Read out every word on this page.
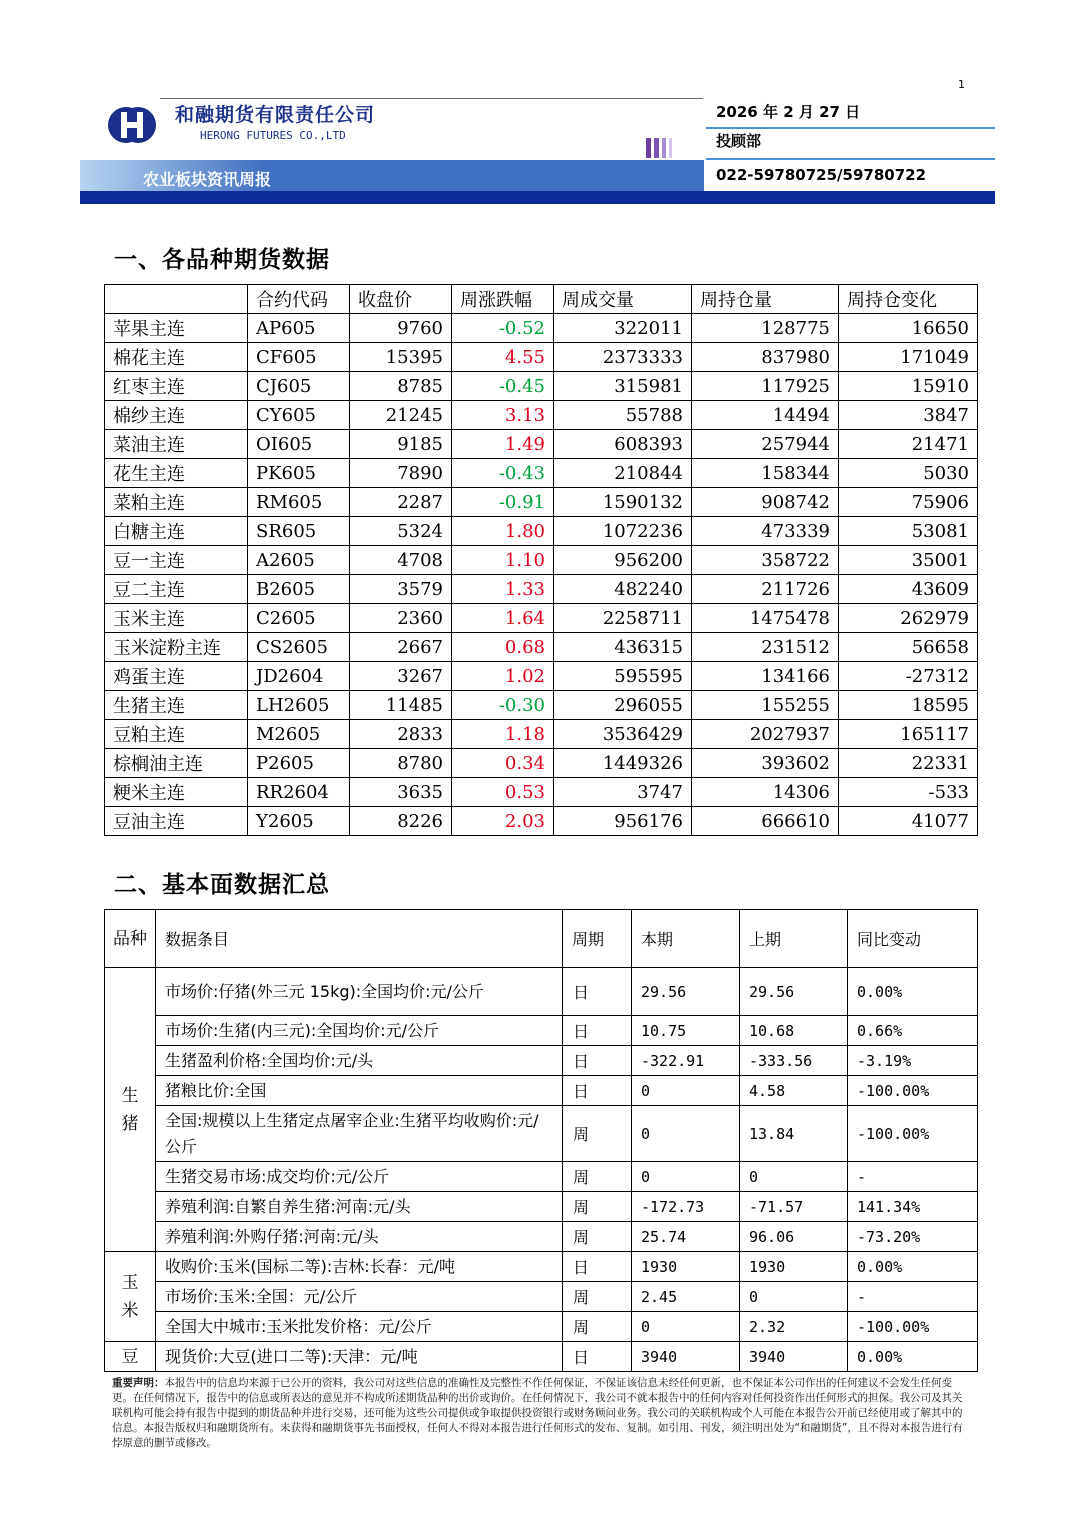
1
和融期货有限责任公司
HERONG FUTURES CO.,LTD
2026 年 2 月 27 日
投顾部
农业板块资讯周报	022-59780725/59780722
一、各品种期货数据
	合约代码	收盘价	周涨跌幅	周成交量	周持仓量	周持仓变化
苹果主连	AP605	9760	-0.52	322011	128775	16650
棉花主连	CF605	15395	4.55	2373333	837980	171049
红枣主连	CJ605	8785	-0.45	315981	117925	15910
棉纱主连	CY605	21245	3.13	55788	14494	3847
菜油主连	OI605	9185	1.49	608393	257944	21471
花生主连	PK605	7890	-0.43	210844	158344	5030
菜粕主连	RM605	2287	-0.91	1590132	908742	75906
白糖主连	SR605	5324	1.80	1072236	473339	53081
豆一主连	A2605	4708	1.10	956200	358722	35001
豆二主连	B2605	3579	1.33	482240	211726	43609
玉米主连	C2605	2360	1.64	2258711	1475478	262979
玉米淀粉主连	CS2605	2667	0.68	436315	231512	56658
鸡蛋主连	JD2604	3267	1.02	595595	134166	-27312
生猪主连	LH2605	11485	-0.30	296055	155255	18595
豆粕主连	M2605	2833	1.18	3536429	2027937	165117
棕榈油主连	P2605	8780	0.34	1449326	393602	22331
粳米主连	RR2604	3635	0.53	3747	14306	-533
豆油主连	Y2605	8226	2.03	956176	666610	41077
二、基本面数据汇总
品种	数据条目	周期	本期	上期	同比变动
生猪	市场价:仔猪(外三元 15kg):全国均价:元/公斤	日	29.56	29.56	0.00%
	市场价:生猪(内三元):全国均价:元/公斤	日	10.75	10.68	0.66%
	生猪盈利价格:全国均价:元/头	日	-322.91	-333.56	-3.19%
	猪粮比价:全国	日	0	4.58	-100.00%
	全国:规模以上生猪定点屠宰企业:生猪平均收购价:元/公斤	周	0	13.84	-100.00%
	生猪交易市场:成交均价:元/公斤	周	0	0	-
	养殖利润:自繁自养生猪:河南:元/头	周	-172.73	-71.57	141.34%
	养殖利润:外购仔猪:河南:元/头	周	25.74	96.06	-73.20%
玉米	收购价:玉米(国标二等):吉林:长春：元/吨	日	1930	1930	0.00%
	市场价:玉米:全国：元/公斤	周	2.45	0	-
	全国大中城市:玉米批发价格：元/公斤	周	0	2.32	-100.00%
豆	现货价:大豆(进口二等):天津：元/吨	日	3940	3940	0.00%
重要声明：本报告中的信息均来源于已公开的资料，我公司对这些信息的准确性及完整性不作任何保证，不保证该信息未经任何更新，也不保证本公司作出的任何建议不会发生任何变更。在任何情况下，报告中的信息或所表达的意见并不构成所述期货品种的出价或询价。在任何情况下，我公司不就本报告中的任何内容对任何投资作出任何形式的担保。我公司及其关联机构可能会持有报告中提到的期货品种并进行交易，还可能为这些公司提供或争取提供投资银行或财务顾问业务。我公司的关联机构或个人可能在本报告公开前已经使用或了解其中的信息。本报告版权归和融期货所有。未获得和融期货事先书面授权，任何人不得对本报告进行任何形式的发布、复制。如引用、刊发，须注明出处为“和融期货”，且不得对本报告进行有悖原意的删节或修改。
